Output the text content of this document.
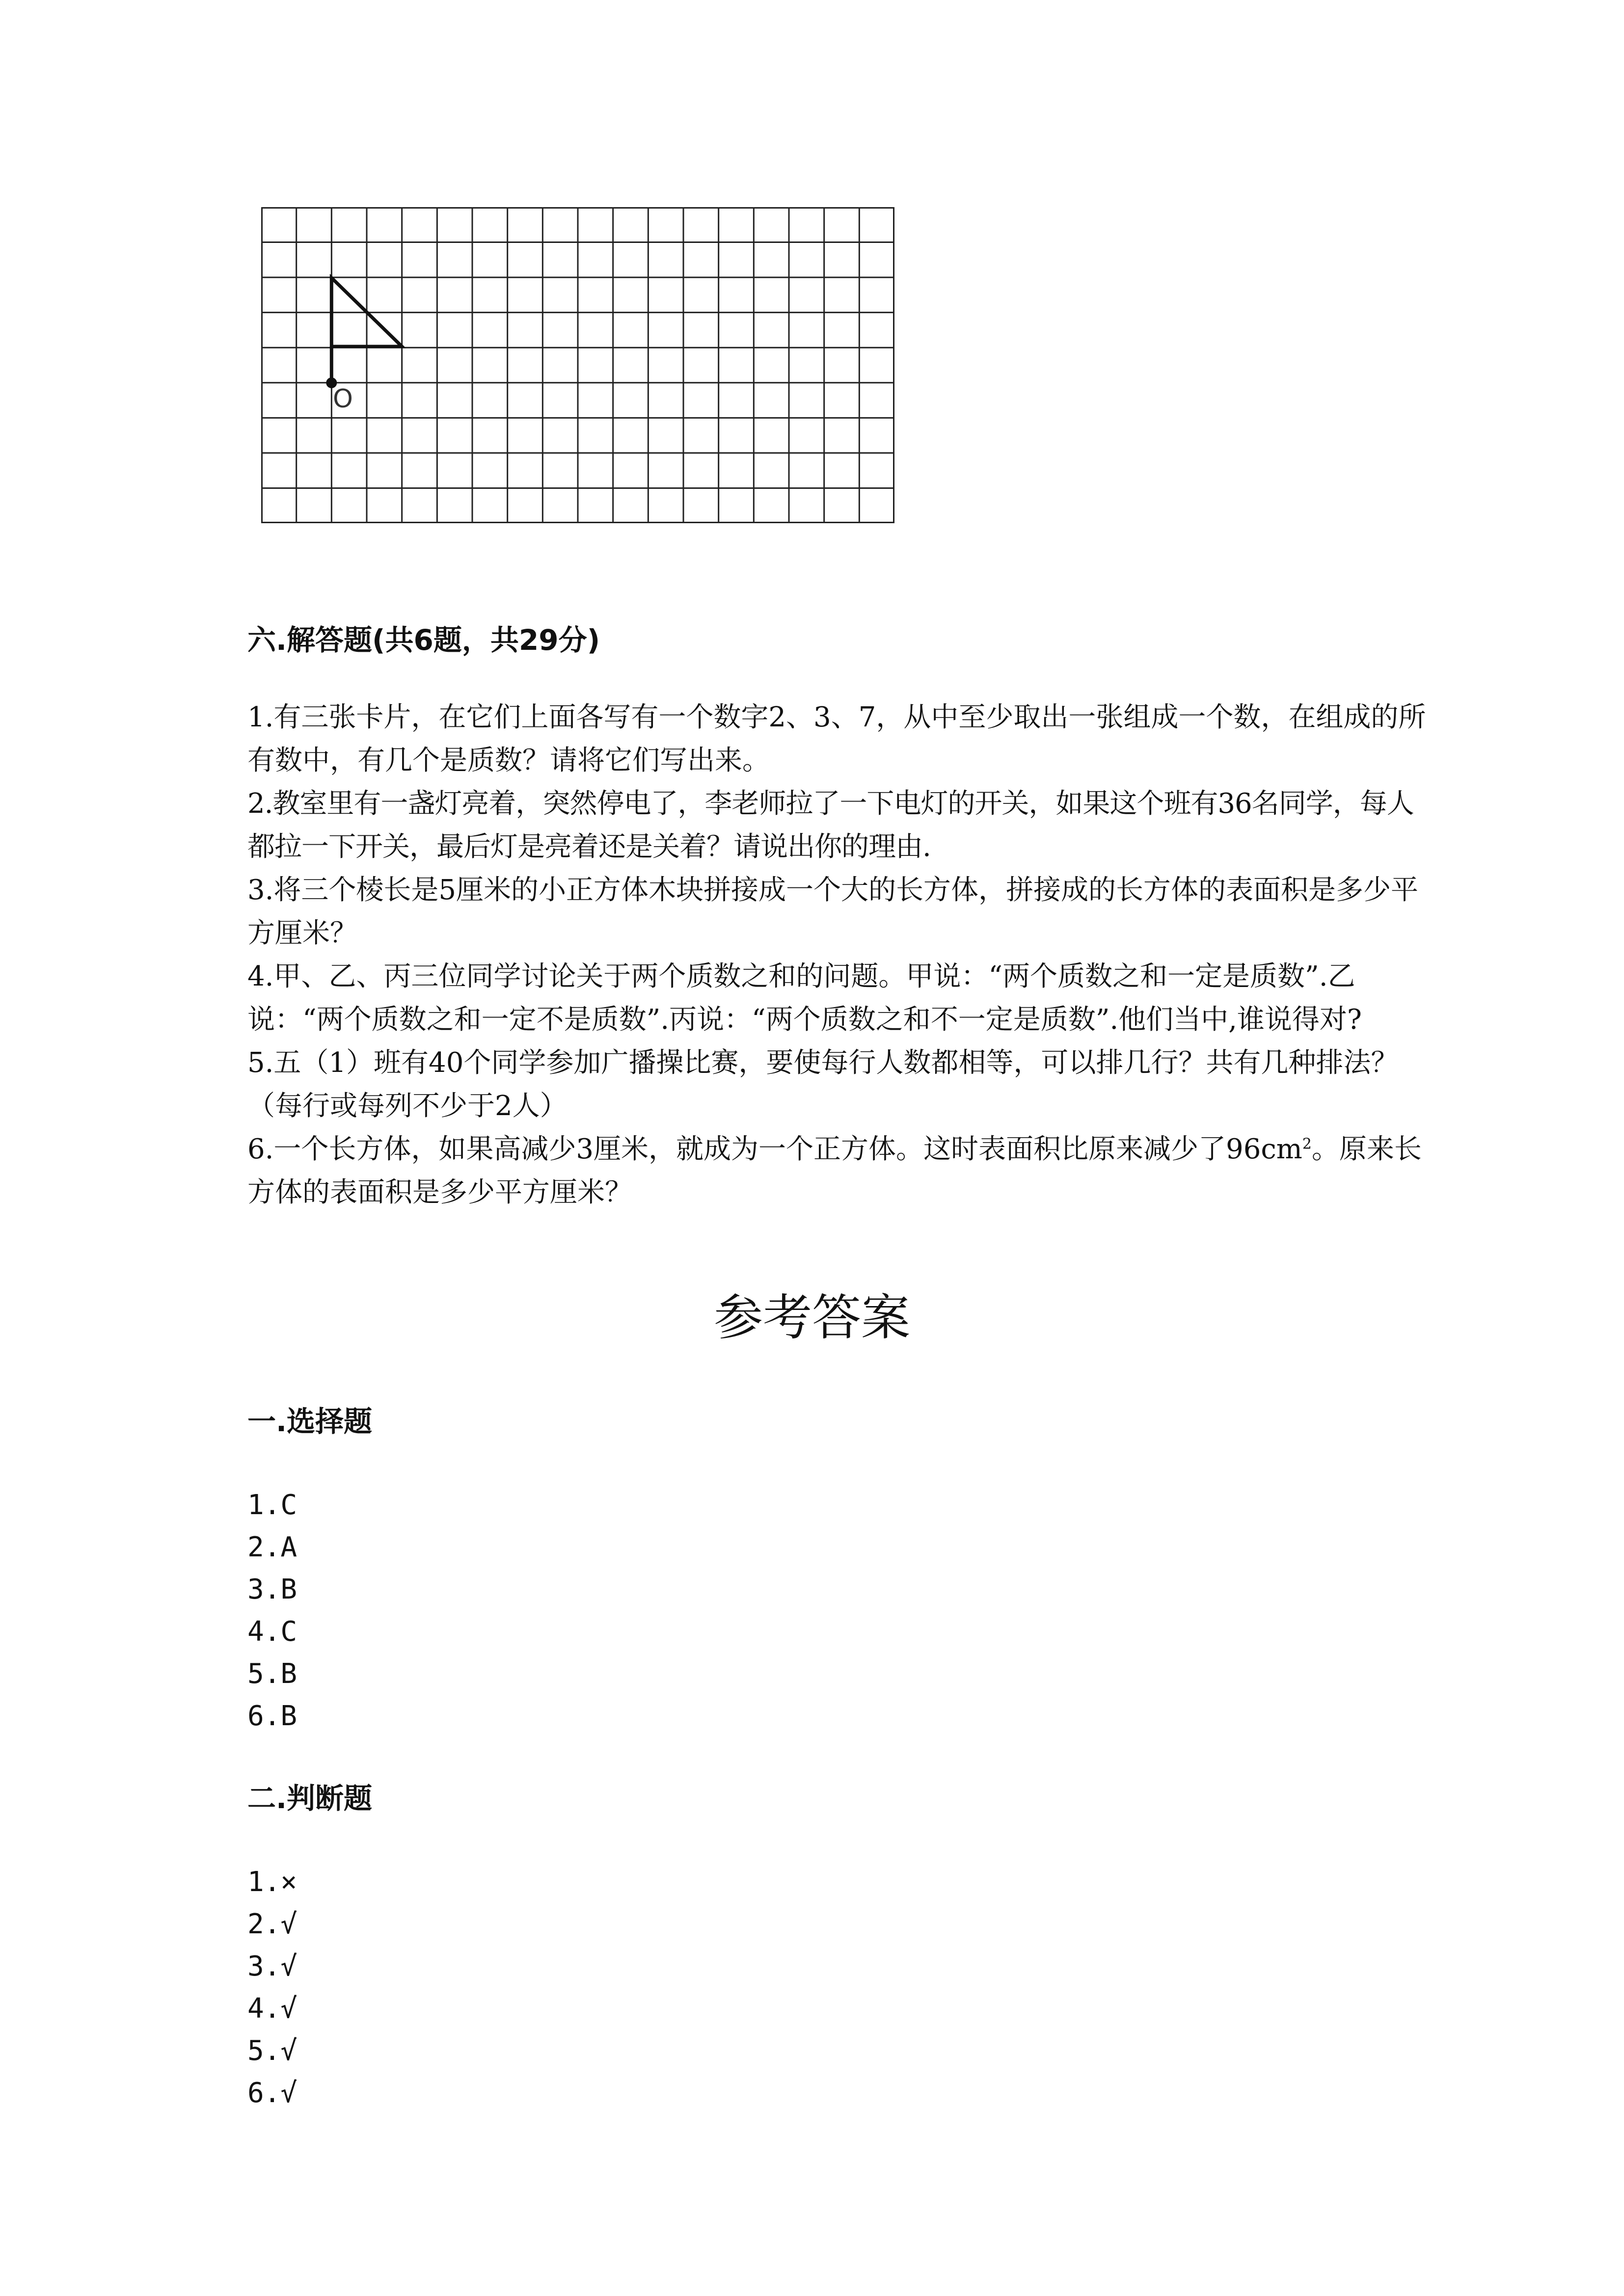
O
六.解答题(共6题，共29分)
1.有三张卡片，在它们上面各写有一个数字2、3、7，从中至少取出一张组成一个数，在组成的所有数中，有几个是质数？请将它们写出来。
2.教室里有一盏灯亮着，突然停电了，李老师拉了一下电灯的开关，如果这个班有36名同学，每人都拉一下开关，最后灯是亮着还是关着？请说出你的理由.
3.将三个棱长是5厘米的小正方体木块拼接成一个大的长方体，拼接成的长方体的表面积是多少平方厘米？
4.甲、乙、丙三位同学讨论关于两个质数之和的问题。甲说：“两个质数之和一定是质数”.乙说：“两个质数之和一定不是质数”.丙说：“两个质数之和不一定是质数”.他们当中,谁说得对?
5.五（1）班有40个同学参加广播操比赛，要使每行人数都相等，可以排几行？共有几种排法？（每行或每列不少于2人）
6.一个长方体，如果高减少3厘米，就成为一个正方体。这时表面积比原来减少了$96cm^2$。原来长方体的表面积是多少平方厘米？
参考答案
一.选择题
1.C
2.A
3.B
4.C
5.B
6.B
二.判断题
1.×
2.√
3.√
4.√
5.√
6.√
